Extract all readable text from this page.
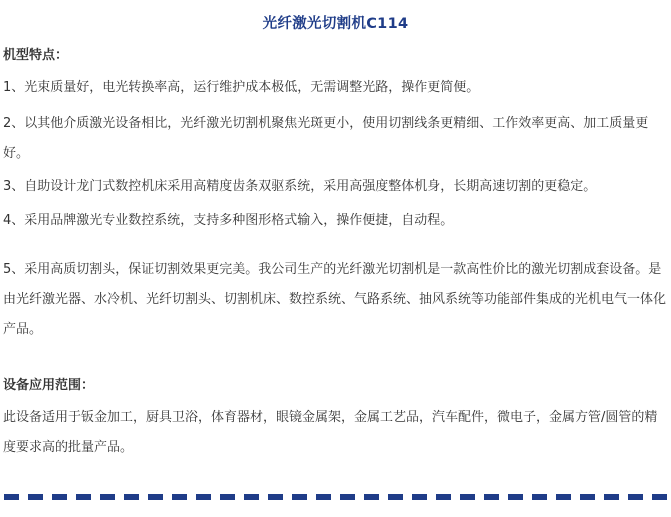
光纤激光切割机C114
机型特点：

1、光束质量好，电光转换率高，运行维护成本极低，无需调整光路，操作更简便。

2、以其他介质激光设备相比，光纤激光切割机聚焦光斑更小，使用切割线条更精细、工作效率更高、加工质量更好。

3、自助设计龙门式数控机床采用高精度齿条双驱系统，采用高强度整体机身，长期高速切割的更稳定。

4、采用品牌激光专业数控系统，支持多种图形格式输入，操作便捷，自动程。

5、采用高质切割头，保证切割效果更完美。我公司生产的光纤激光切割机是一款高性价比的激光切割成套设备。是由光纤激光器、水冷机、光纤切割头、切割机床、数控系统、气路系统、抽风系统等功能部件集成的光机电气一体化产品。

设备应用范围：

此设备适用于钣金加工，厨具卫浴，体育器材，眼镜金属架，金属工艺品，汽车配件，微电子，金属方管/圆管的精度要求高的批量产品。
